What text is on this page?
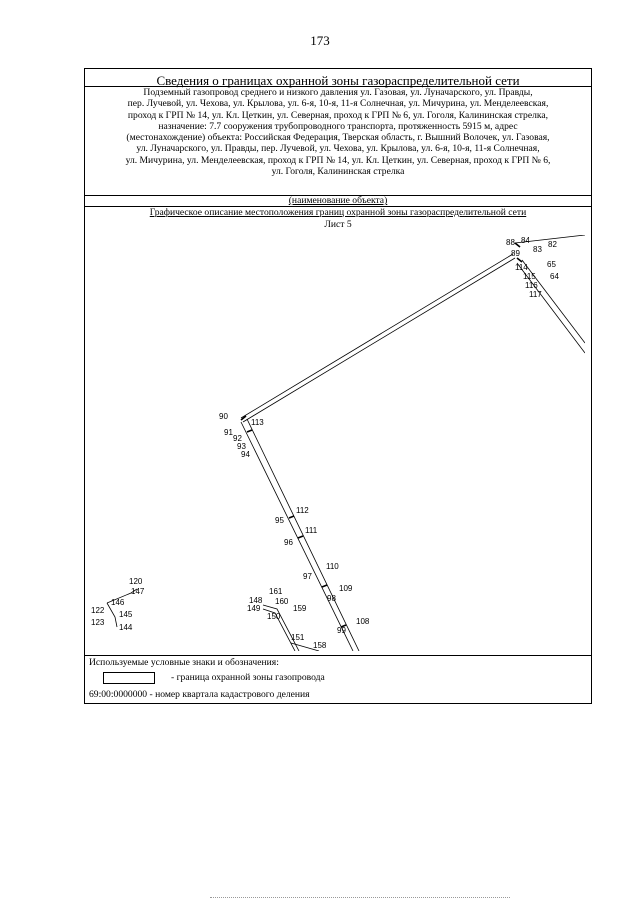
173
Сведения о границах охранной зоны газораспределительной сети
Подземный газопровод среднего и низкого давления ул. Газовая, ул. Луначарского, ул. Правды,
пер. Лучевой, ул. Чехова, ул. Крылова, ул. 6-я, 10-я, 11-я Солнечная, ул. Мичурина, ул. Менделеевская,
проход к ГРП № 14, ул. Кл. Цеткин, ул. Северная, проход к ГРП № 6, ул. Гоголя, Калининская стрелка,
назначение: 7.7 сооружения трубопроводного транспорта, протяженность 5915 м, адрес
(местонахождение) объекта: Российская Федерация, Тверская область, г. Вышний Волочек, ул. Газовая,
ул. Луначарского, ул. Правды, пер. Лучевой, ул. Чехова, ул. Крылова, ул. 6-я, 10-я, 11-я Солнечная,
ул. Мичурина, ул. Менделеевская, проход к ГРП № 14, ул. Кл. Цеткин, ул. Северная, проход к ГРП № 6,
ул. Гоголя, Калининская стрелка
(наименование объекта)
Графическое описание местоположения границ охранной зоны газораспределительной сети
Лист 5
88 84
83
82
89
65
114
64
115
116
117
90
113
91
92
93
94
112
95
111
96
110
97
109
98
108
99
120
147
146
122 145
123
144
161
148 160
149	159
150
151
158
Используемые условные знаки и обозначения:
- граница охранной зоны газопровода
69:00:0000000 - номер квартала кадастрового деления
